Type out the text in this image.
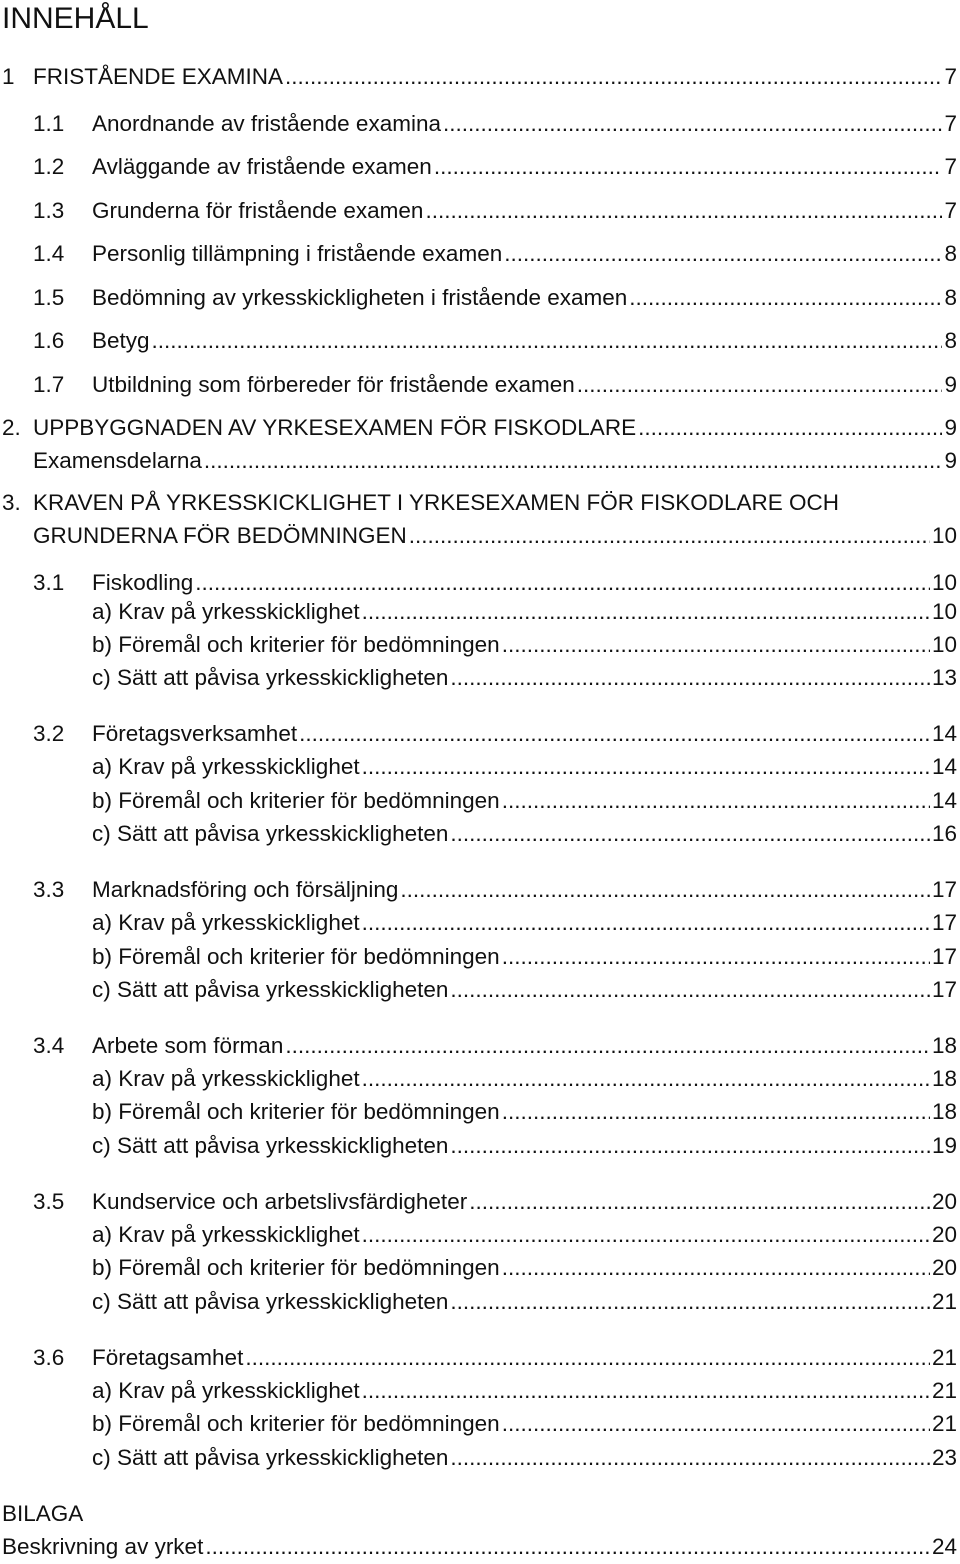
INNEHÅLL
1 FRISTÅENDE EXAMINA .....	7
1.1	Anordnande av fristående examina .....	7
1.2	Avläggande av fristående examen .....	7
1.3	Grunderna för fristående examen .....	7
1.4	Personlig tillämpning i fristående examen .....	8
1.5	Bedömning av yrkesskickligheten i fristående examen .....	8
1.6	Betyg .....	8
1.7	Utbildning som förbereder för fristående examen .....	9
2. UPPBYGGNADEN AV YRKESEXAMEN FÖR FISKODLARE .....	9
Examensdelarna .....	9
3. KRAVEN PÅ YRKESSKICKLIGHET I YRKESEXAMEN FÖR FISKODLARE OCH
GRUNDERNA FÖR BEDÖMNINGEN .....	10
3.1	Fiskodling .....	10
a) Krav på yrkesskicklighet .....	10
b) Föremål och kriterier för bedömningen .....	10
c) Sätt att påvisa yrkesskickligheten .....	13
3.2	Företagsverksamhet .....	14
a) Krav på yrkesskicklighet .....	14
b) Föremål och kriterier för bedömningen .....	14
c) Sätt att påvisa yrkesskickligheten .....	16
3.3	Marknadsföring och försäljning .....	17
a) Krav på yrkesskicklighet .....	17
b) Föremål och kriterier för bedömningen .....	17
c) Sätt att påvisa yrkesskickligheten .....	17
3.4	Arbete som förman .....	18
a) Krav på yrkesskicklighet .....	18
b) Föremål och kriterier för bedömningen .....	18
c) Sätt att påvisa yrkesskickligheten .....	19
3.5	Kundservice och arbetslivsfärdigheter .....	20
a) Krav på yrkesskicklighet .....	20
b) Föremål och kriterier för bedömningen .....	20
c) Sätt att påvisa yrkesskickligheten .....	21
3.6	Företagsamhet .....	21
a) Krav på yrkesskicklighet .....	21
b) Föremål och kriterier för bedömningen .....	21
c) Sätt att påvisa yrkesskickligheten .....	23
BILAGA
Beskrivning av yrket .....	24
